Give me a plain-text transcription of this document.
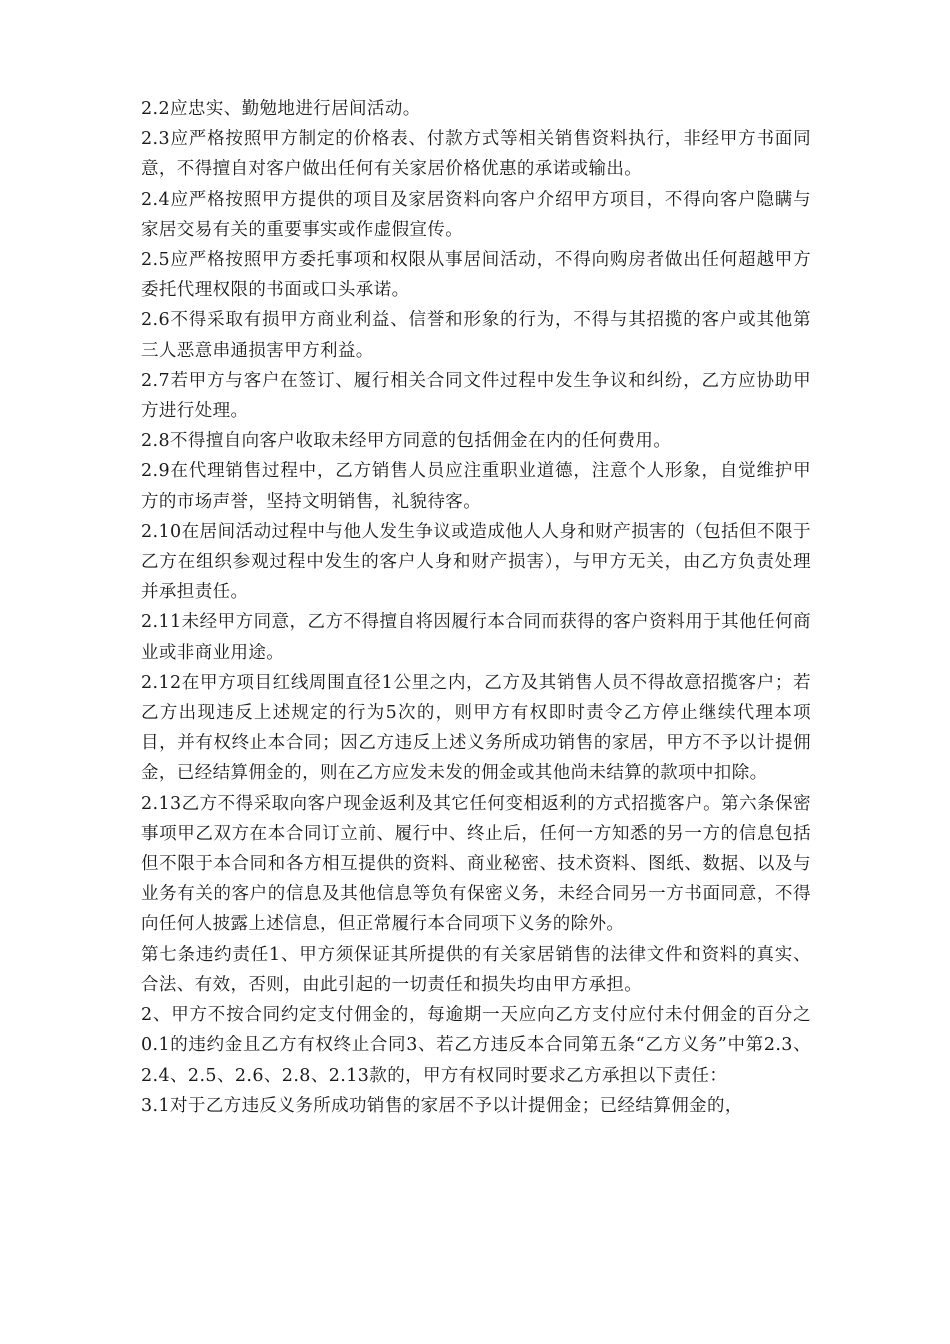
2.2应忠实、勤勉地进行居间活动。

2.3应严格按照甲方制定的价格表、付款方式等相关销售资料执行，非经甲方书面同意，不得擅自对客户做出任何有关家居价格优惠的承诺或输出。

2.4应严格按照甲方提供的项目及家居资料向客户介绍甲方项目，不得向客户隐瞒与家居交易有关的重要事实或作虚假宣传。

2.5应严格按照甲方委托事项和权限从事居间活动，不得向购房者做出任何超越甲方委托代理权限的书面或口头承诺。

2.6不得采取有损甲方商业利益、信誉和形象的行为，不得与其招揽的客户或其他第三人恶意串通损害甲方利益。

2.7若甲方与客户在签订、履行相关合同文件过程中发生争议和纠纷，乙方应协助甲方进行处理。

2.8不得擅自向客户收取未经甲方同意的包括佣金在内的任何费用。

2.9在代理销售过程中，乙方销售人员应注重职业道德，注意个人形象，自觉维护甲方的市场声誉，坚持文明销售，礼貌待客。

2.10在居间活动过程中与他人发生争议或造成他人人身和财产损害的（包括但不限于乙方在组织参观过程中发生的客户人身和财产损害），与甲方无关，由乙方负责处理并承担责任。

2.11未经甲方同意，乙方不得擅自将因履行本合同而获得的客户资料用于其他任何商业或非商业用途。

2.12在甲方项目红线周围直径1公里之内，乙方及其销售人员不得故意招揽客户；若乙方出现违反上述规定的行为5次的，则甲方有权即时责令乙方停止继续代理本项目，并有权终止本合同；因乙方违反上述义务所成功销售的家居，甲方不予以计提佣金，已经结算佣金的，则在乙方应发未发的佣金或其他尚未结算的款项中扣除。

2.13乙方不得采取向客户现金返利及其它任何变相返利的方式招揽客户。第六条保密事项甲乙双方在本合同订立前、履行中、终止后，任何一方知悉的另一方的信息包括但不限于本合同和各方相互提供的资料、商业秘密、技术资料、图纸、数据、以及与业务有关的客户的信息及其他信息等负有保密义务，未经合同另一方书面同意，不得向任何人披露上述信息，但正常履行本合同项下义务的除外。

第七条违约责任1、甲方须保证其所提供的有关家居销售的法律文件和资料的真实、合法、有效，否则，由此引起的一切责任和损失均由甲方承担。

2、甲方不按合同约定支付佣金的，每逾期一天应向乙方支付应付未付佣金的百分之0.1的违约金且乙方有权终止合同3、若乙方违反本合同第五条“乙方义务”中第2.3、2.4、2.5、2.6、2.8、2.13款的，甲方有权同时要求乙方承担以下责任：

3.1对于乙方违反义务所成功销售的家居不予以计提佣金；已经结算佣金的，
